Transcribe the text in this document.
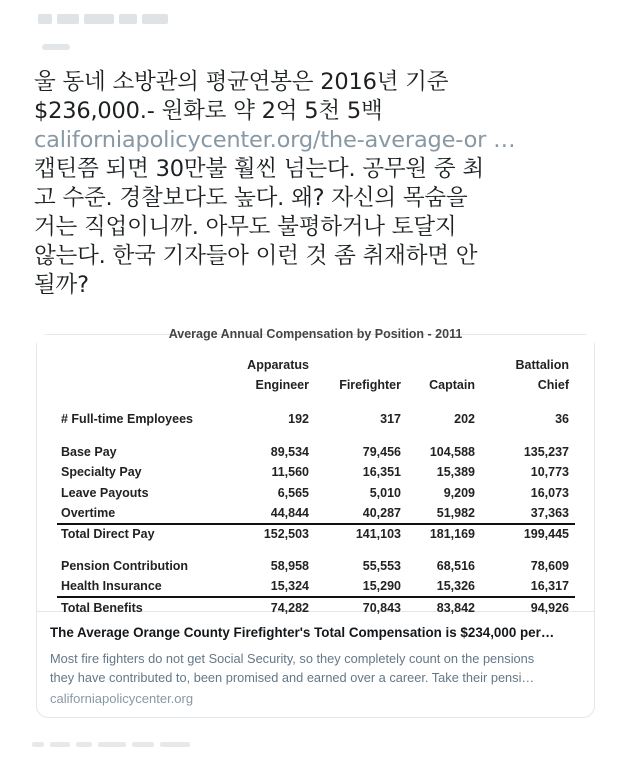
울 동네 소방관의 평균연봉은 2016년 기준

$236,000.- 원화로 약 2억 5천 5백

californiapolicycenter.org/the-average-or …

캡틴쯤 되면 30만불 훨씬 넘는다. 공무원 중 최

고 수준. 경찰보다도 높다. 왜? 자신의 목숨을

거는 직업이니까. 아무도 불평하거나 토달지

않는다. 한국 기자들아 이런 것 좀 취재하면 안

될까?

Average Annual Compensation by Position - 2011
	Apparatus
Engineer	Firefighter	Captain	Battalion
Chief
# Full-time Employees	192	317	202	36

Base Pay	89,534	79,456	104,588	135,237
Specialty Pay	11,560	16,351	15,389	10,773
Leave Payouts	6,565	5,010	9,209	16,073
Overtime	44,844	40,287	51,982	37,363
Total Direct Pay	152,503	141,103	181,169	199,445

Pension Contribution	58,958	55,553	68,516	78,609
Health Insurance	15,324	15,290	15,326	16,317
Total Benefits	74,282	70,843	83,842	94,926
The Average Orange County Firefighter's Total Compensation is $234,000 per…
Most fire fighters do not get Social Security, so they completely count on the pensions
they have contributed to, been promised and earned over a career. Take their pensi…
californiapolicycenter.org
